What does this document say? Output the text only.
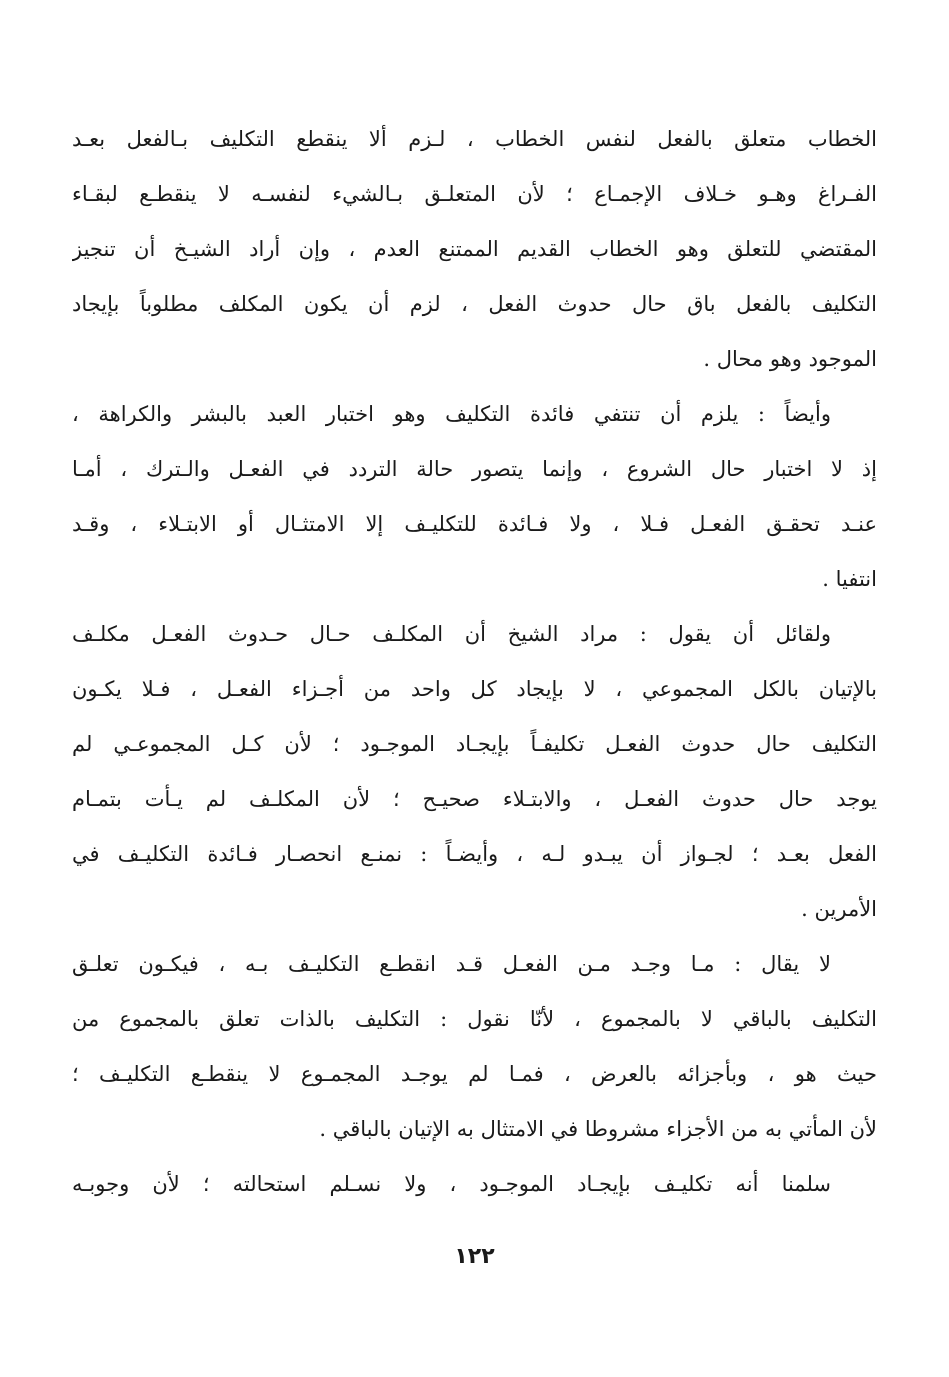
الخطاب متعلق بالفعل لنفس الخطاب ، لـزم ألا ينقطع التكليف بـالفعل بعـد
الفـراغ وهـو خـلاف الإجمـاع ؛ لأن المتعلـق بـالشيء لنفسـه لا ينقطـع لبقـاء
المقتضي للتعلق وهو الخطاب القديم الممتنع العدم ، وإن أراد الشيـخ أن تنجيز
التكليف بالفعل باق حال حدوث الفعل ، لزم أن يكون المكلف مطلوباً بإيجاد
الموجود وهو محال .
وأيضاً : يلزم أن تنتفي فائدة التكليف وهو اختبار العبد بالبشر والكراهة ،
إذ لا اختبار حال الشروع ، وإنما يتصور حالة التردد في الفعـل والـترك ، أمـا
عنـد تحقـق الفعـل فـلا ، ولا فـائدة للتكليـف إلا الامتثـال أو الابتـلاء ، وقـد
انتفيا .
ولقائل أن يقول : مراد الشيخ أن المكلـف حـال حـدوث الفعـل مكلـف
بالإتيان بالكل المجموعي ، لا بإيجاد كل واحد من أجـزاء الفعـل ، فـلا يكـون
التكليف حال حدوث الفعـل تكليفـاً بإيجـاد الموجـود ؛ لأن كـل المجموعـي لم
يوجد حال حدوث الفعـل ، والابتـلاء صحيـح ؛ لأن المكلـف لم يـأت بتمـام
الفعل بعـد ؛ لجـواز أن يبـدو لـه ، وأيضـاً : نمنـع انحصـار فـائدة التكليـف في
الأمرين .
لا يقال : مـا وجـد مـن الفعـل قـد انقطـع التكليـف بـه ، فيكـون تعلـق
التكليف بالباقي لا بالمجموع ، لأنّا نقول : التكليف بالذات تعلق بالمجموع من
حيث هو ، وبأجزائه بالعرض ، فمـا لم يوجـد المجمـوع لا ينقطـع التكليـف ؛
لأن المأتي به من الأجزاء مشروطا في الامتثال به الإتيان بالباقي .
سلمنا أنه تكليـف بإيجـاد الموجـود ، ولا نسـلم استحالته ؛ لأن وجوبـه
١٢٢
